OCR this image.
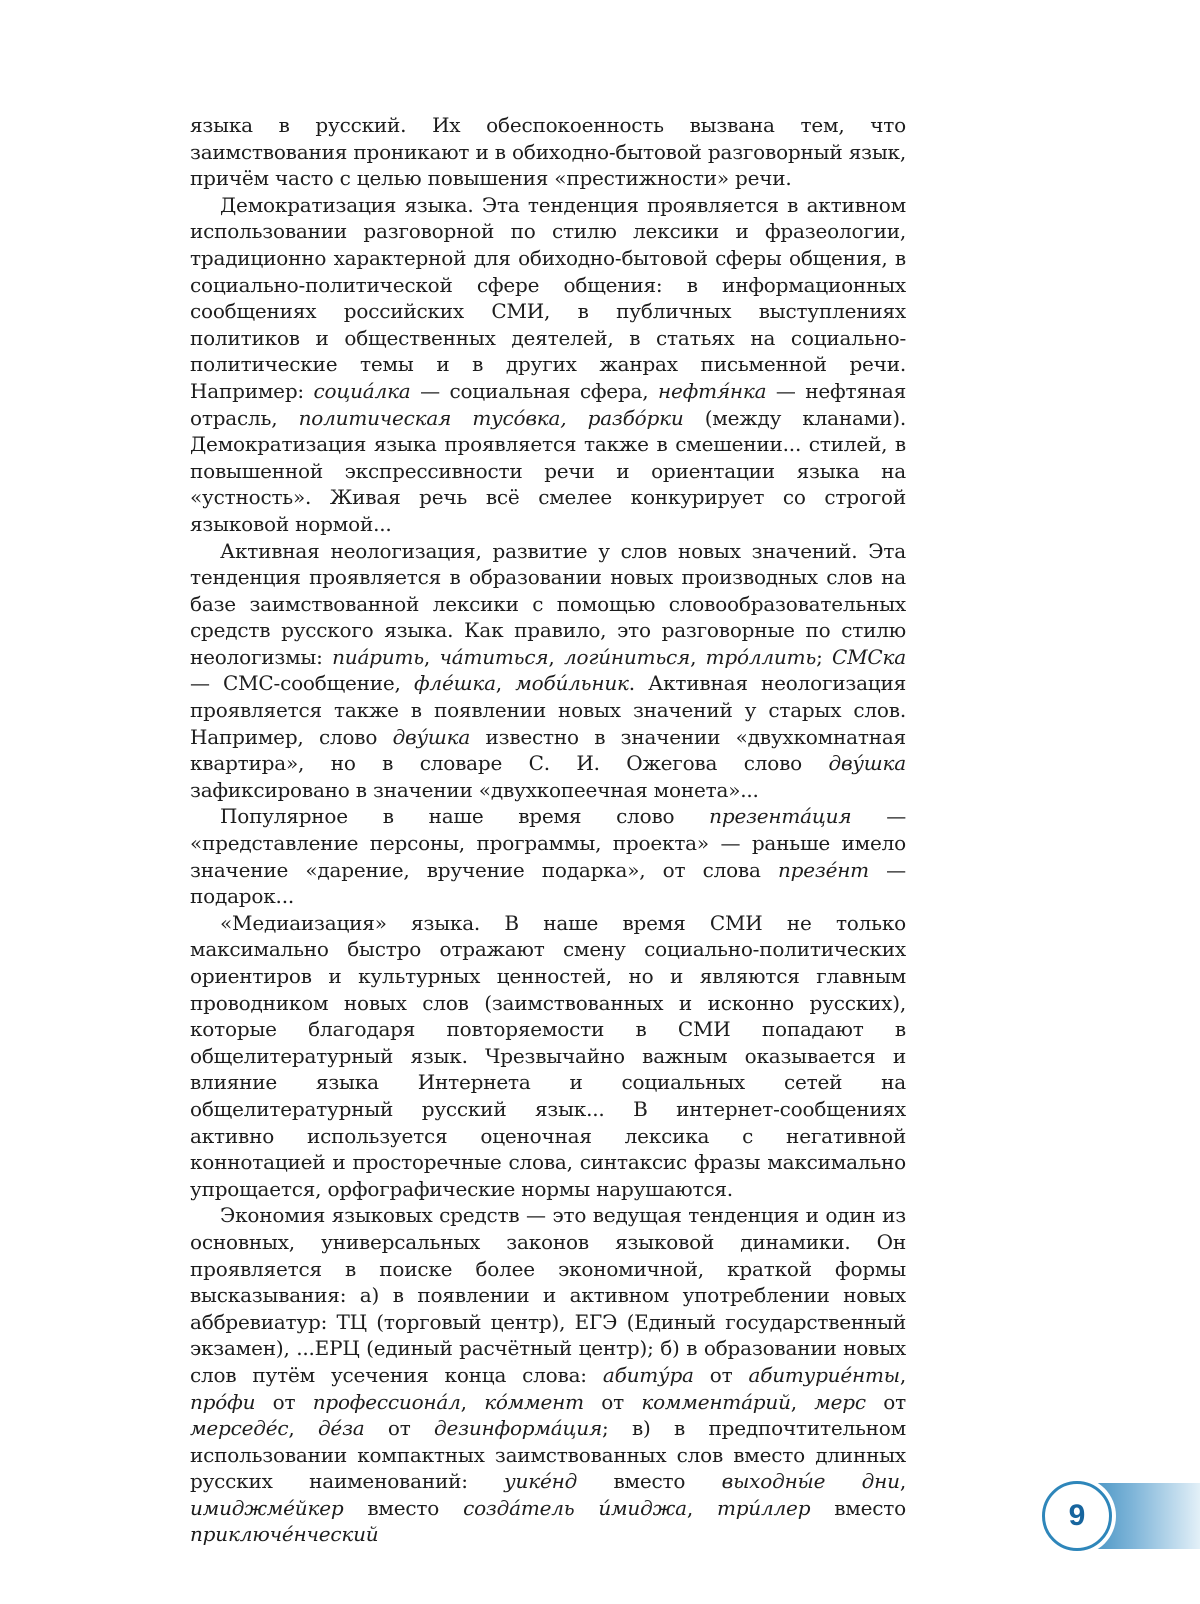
языка в русский. Их обеспокоенность вызвана тем, что заимствования проникают и в обиходно-бытовой разговорный язык, причём часто с целью повышения «престижности» речи.

Демократизация языка. Эта тенденция проявляется в активном использовании разговорной по стилю лексики и фразеологии, традиционно характерной для обиходно-бытовой сферы общения, в социально-политической сфере общения: в информационных сообщениях российских СМИ, в публичных выступлениях политиков и общественных деятелей, в статьях на социально-политические темы и в других жанрах письменной речи. Например: социа́лка — социальная сфера, нефтя́нка — нефтяная отрасль, политическая тусо́вка, разбо́рки (между кланами). Демократизация языка проявляется также в смешении... стилей, в повышенной экспрессивности речи и ориентации языка на «устность». Живая речь всё смелее конкурирует со строгой языковой нормой...

Активная неологизация, развитие у слов новых значений. Эта тенденция проявляется в образовании новых производных слов на базе заимствованной лексики с помощью словообразовательных средств русского языка. Как правило, это разговорные по стилю неологизмы: пиа́рить, ча́титься, логи́ниться, тро́ллить; СМСка — СМС-сообщение, фле́шка, моби́льник. Активная неологизация проявляется также в появлении новых значений у старых слов. Например, слово дву́шка известно в значении «двухкомнатная квартира», но в словаре С. И. Ожегова слово дву́шка зафиксировано в значении «двухкопеечная монета»...

Популярное в наше время слово презента́ция — «представление персоны, программы, проекта» — раньше имело значение «дарение, вручение подарка», от слова презе́нт — подарок...

«Медиаизация» языка. В наше время СМИ не только максимально быстро отражают смену социально-политических ориентиров и культурных ценностей, но и являются главным проводником новых слов (заимствованных и исконно русских), которые благодаря повторяемости в СМИ попадают в общелитературный язык. Чрезвычайно важным оказывается и влияние языка Интернета и социальных сетей на общелитературный русский язык... В интернет-сообщениях активно используется оценочная лексика с негативной коннотацией и просторечные слова, синтаксис фразы максимально упрощается, орфографические нормы нарушаются.

Экономия языковых средств — это ведущая тенденция и один из основных, универсальных законов языковой динамики. Он проявляется в поиске более экономичной, краткой формы высказывания: а) в появлении и активном употреблении новых аббревиатур: ТЦ (торговый центр), ЕГЭ (Единый государственный экзамен), ...ЕРЦ (единый расчётный центр); б) в образовании новых слов путём усечения конца слова: абиту́ра от абитурие́нты, про́фи от профессиона́л, ко́ммент от коммента́рий, мерс от мерседе́с, де́за от дезинформа́ция; в) в предпочтительном использовании компактных заимствованных слов вместо длинных русских наименований: уике́нд вместо выходны́е дни, имиджме́йкер вместо созда́тель и́миджа, три́ллер вместо приключе́нческий

9
